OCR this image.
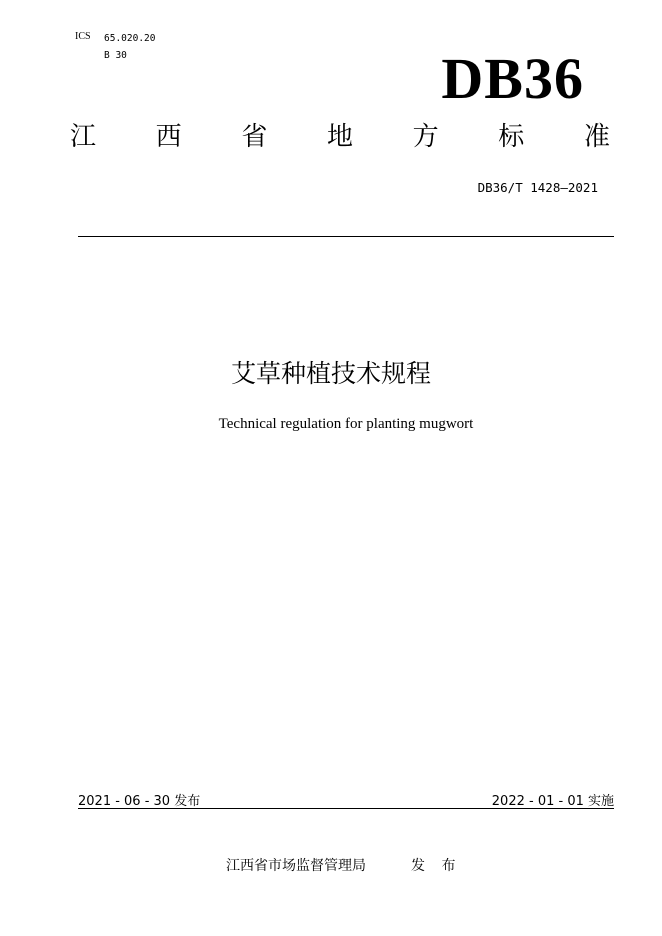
ICS 65.020.20
B 30	DB36
江 西 省 地 方 标 准
DB36/T 1428—2021
艾草种植技术规程
Technical regulation for planting mugwort
2021 - 06 - 30 发布	2022 - 01 - 01 实施
江西省市场监督管理局	发 布
